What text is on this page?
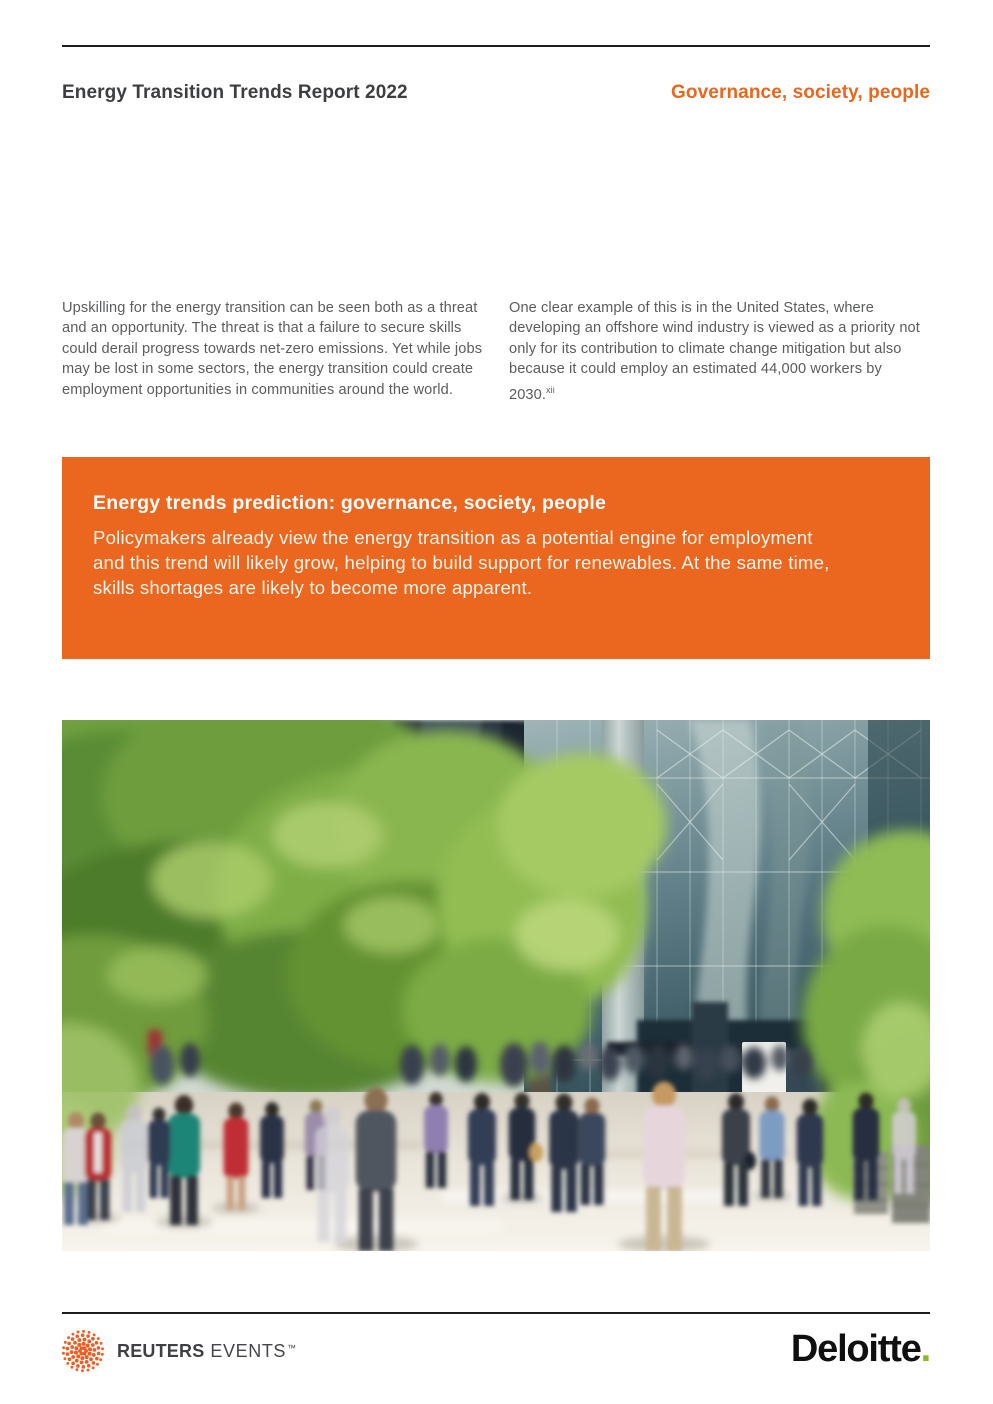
Energy Transition Trends Report 2022	Governance, society, people

Upskilling for the energy transition can be seen both as a threat and an opportunity. The threat is that a failure to secure skills could derail progress towards net-zero emissions. Yet while jobs may be lost in some sectors, the energy transition could create employment opportunities in communities around the world.

One clear example of this is in the United States, where developing an offshore wind industry is viewed as a priority not only for its contribution to climate change mitigation but also because it could employ an estimated 44,000 workers by 2030.$^{xii}$

Energy trends prediction: governance, society, people

Policymakers already view the energy transition as a potential engine for employment and this trend will likely grow, helping to build support for renewables. At the same time, skills shortages are likely to become more apparent.

REUTERS EVENTS™	Deloitte.
